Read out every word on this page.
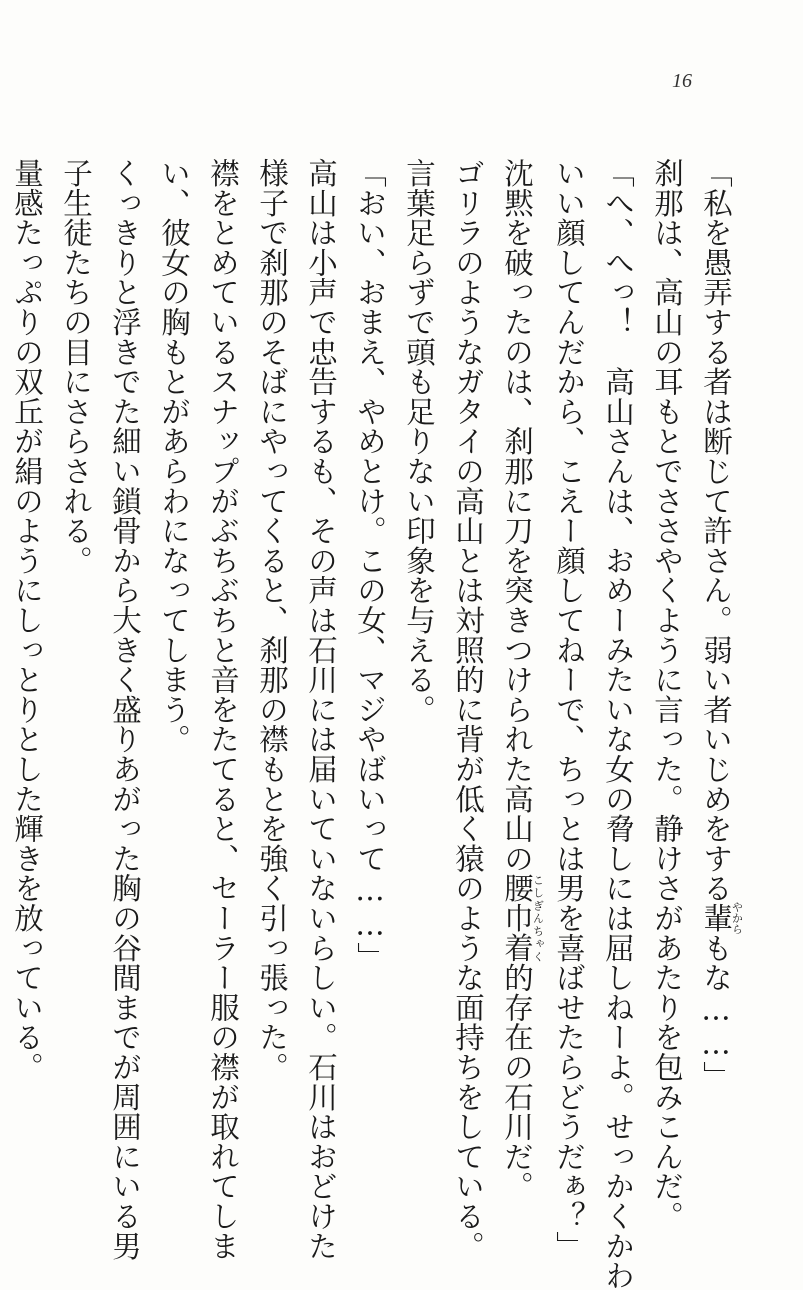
16
「私を愚弄する者は断じて許さん。弱い者いじめをする輩やからもな……」
刹那は、高山の耳もとでささやくように言った。静けさがあたりを包みこんだ。
「へ、へっ！　高山さんは、おめーみたいな女の脅しには屈しねーよ。せっかくかわ
いい顔してんだから、こえー顔してねーで、ちっとは男を喜ばせたらどうだぁ？」
沈黙を破ったのは、刹那に刀を突きつけられた高山の腰巾着こしぎんちゃく的存在の石川だ。
ゴリラのようなガタイの高山とは対照的に背が低く猿のような面持ちをしている。
言葉足らずで頭も足りない印象を与える。
「おい、おまえ、やめとけ。この女、マジやばいって……」
高山は小声で忠告するも、その声は石川には届いていないらしい。石川はおどけた
様子で刹那のそばにやってくると、刹那の襟もとを強く引っ張った。
襟をとめているスナップがぶちぶちと音をたてると、セーラー服の襟が取れてしま
い、彼女の胸もとがあらわになってしまう。
くっきりと浮きでた細い鎖骨から大きく盛りあがった胸の谷間までが周囲にいる男
子生徒たちの目にさらされる。
量感たっぷりの双丘が絹のようにしっとりとした輝きを放っている。
